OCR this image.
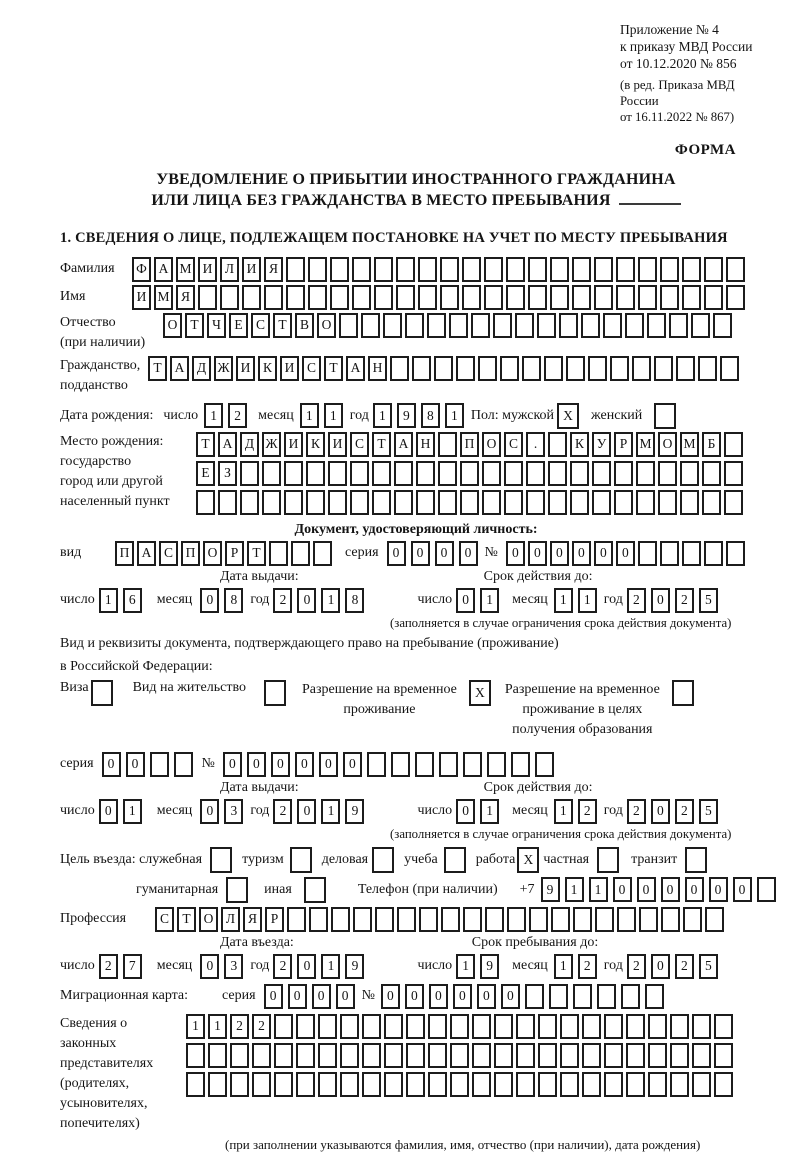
Приложение № 4
к приказу МВД России
от 10.12.2020 № 856
(в ред. Приказа МВД России
от 16.11.2022 № 867)
ФОРМА
УВЕДОМЛЕНИЕ О ПРИБЫТИИ ИНОСТРАННОГО ГРАЖДАНИНА
ИЛИ ЛИЦА БЕЗ ГРАЖДАНСТВА В МЕСТО ПРЕБЫВАНИЯ
1. СВЕДЕНИЯ О ЛИЦЕ, ПОДЛЕЖАЩЕМ ПОСТАНОВКЕ НА УЧЕТ ПО МЕСТУ ПРЕБЫВАНИЯ
Фамилия	Ф А М И Л И Я
Имя	И М Я
Отчество
(при наличии)
О Т Ч Е С Т В О
Гражданство,
подданство
Т А Д Ж И К И С Т А Н
Дата рождения: число 1	2	месяц 1	1 год 1	9	8	1 Пол: мужской X	женский
Место рождения:
государство
город или другой
населенный пункт
Т А Д Ж И К И С Т А Н	П О С	.	К У Р М О М Б
Е	З
Документ, удостоверяющий личность:
вид	П А С П О Р	Т	серия	0	0	0	0 №	0	0	0	0	0	0
Дата выдачи:	Срок действия до:
число 1	6	месяц	0	8 год 2	0	1	8	число 0	1	месяц 1	1 год 2	0	2	5
(заполняется в случае ограничения срока действия документа)
Вид и реквизиты документа, подтверждающего право на пребывание (проживание)
в Российской Федерации:
Виза	Вид на жительство	Разрешение на временное
проживание
X	Разрешение на временное
проживание в целях
получения образования
серия	0	0	№	0	0	0	0	0	0
Дата выдачи:	Срок действия до:
число 0	1	месяц	0	3 год 2	0	1	9	число 0	1	месяц 1	2 год 2	0	2	5
(заполняется в случае ограничения срока действия документа)
Цель въезда: служебная	туризм	деловая	учеба	работа X частная	транзит
гуманитарная	иная	Телефон (при наличии) +7 9	1	1	0	0	0	0	0	0
Профессия	С Т О Л Я	Р
Дата въезда:	Срок пребывания до:
число 2	7	месяц	0	3 год 2	0	1	9	число 1	9	месяц 1	2 год 2	0	2	5
Миграционная карта: серия	0	0	0	0 № 0	0	0	0	0	0
Сведения о
законных
представителях
(родителях,
усыновителях,
попечителях)
1	1	2	2
(при заполнении указываются фамилия, имя, отчество (при наличии), дата рождения)
